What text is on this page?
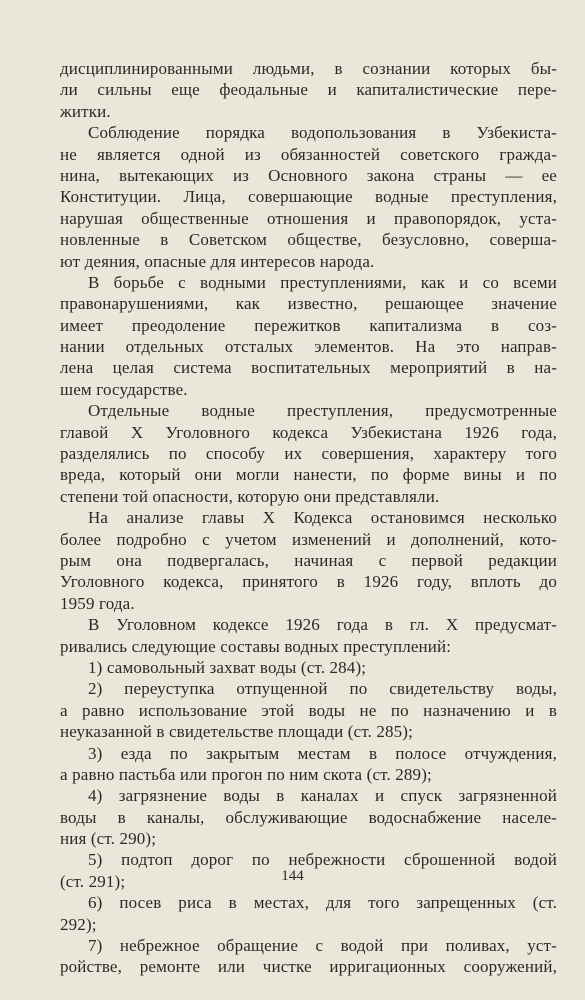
дисциплинированными людьми, в сознании которых бы-
ли сильны еще феодальные и капиталистические пере-
житки.
Соблюдение порядка водопользования в Узбекиста-
не является одной из обязанностей советского гражда-
нина, вытекающих из Основного закона страны — ее
Конституции. Лица, совершающие водные преступления,
нарушая общественные отношения и правопорядок, уста-
новленные в Советском обществе, безусловно, соверша-
ют деяния, опасные для интересов народа.
В борьбе с водными преступлениями, как и со всеми
правонарушениями, как известно, решающее значение
имеет преодоление пережитков капитализма в соз-
нании отдельных отсталых элементов. На это направ-
лена целая система воспитательных мероприятий в на-
шем государстве.
Отдельные водные преступления, предусмотренные
главой X Уголовного кодекса Узбекистана 1926 года,
разделялись по способу их совершения, характеру того
вреда, который они могли нанести, по форме вины и по
степени той опасности, которую они представляли.
На анализе главы X Кодекса остановимся несколько
более подробно с учетом изменений и дополнений, кото-
рым она подвергалась, начиная с первой редакции
Уголовного кодекса, принятого в 1926 году, вплоть до
1959 года.
В Уголовном кодексе 1926 года в гл. X предусмат-
ривались следующие составы водных преступлений:
1) самовольный захват воды (ст. 284);
2) переуступка отпущенной по свидетельству воды,
а равно использование этой воды не по назначению и в
неуказанной в свидетельстве площади (ст. 285);
3) езда по закрытым местам в полосе отчуждения,
а равно пастьба или прогон по ним скота (ст. 289);
4) загрязнение воды в каналах и спуск загрязненной
воды в каналы, обслуживающие водоснабжение населе-
ния (ст. 290);
5) подтоп дорог по небрежности сброшенной водой
(ст. 291);
6) посев риса в местах, для того запрещенных (ст.
292);
7) небрежное обращение с водой при поливах, уст-
ройстве, ремонте или чистке ирригационных сооружений,
144
